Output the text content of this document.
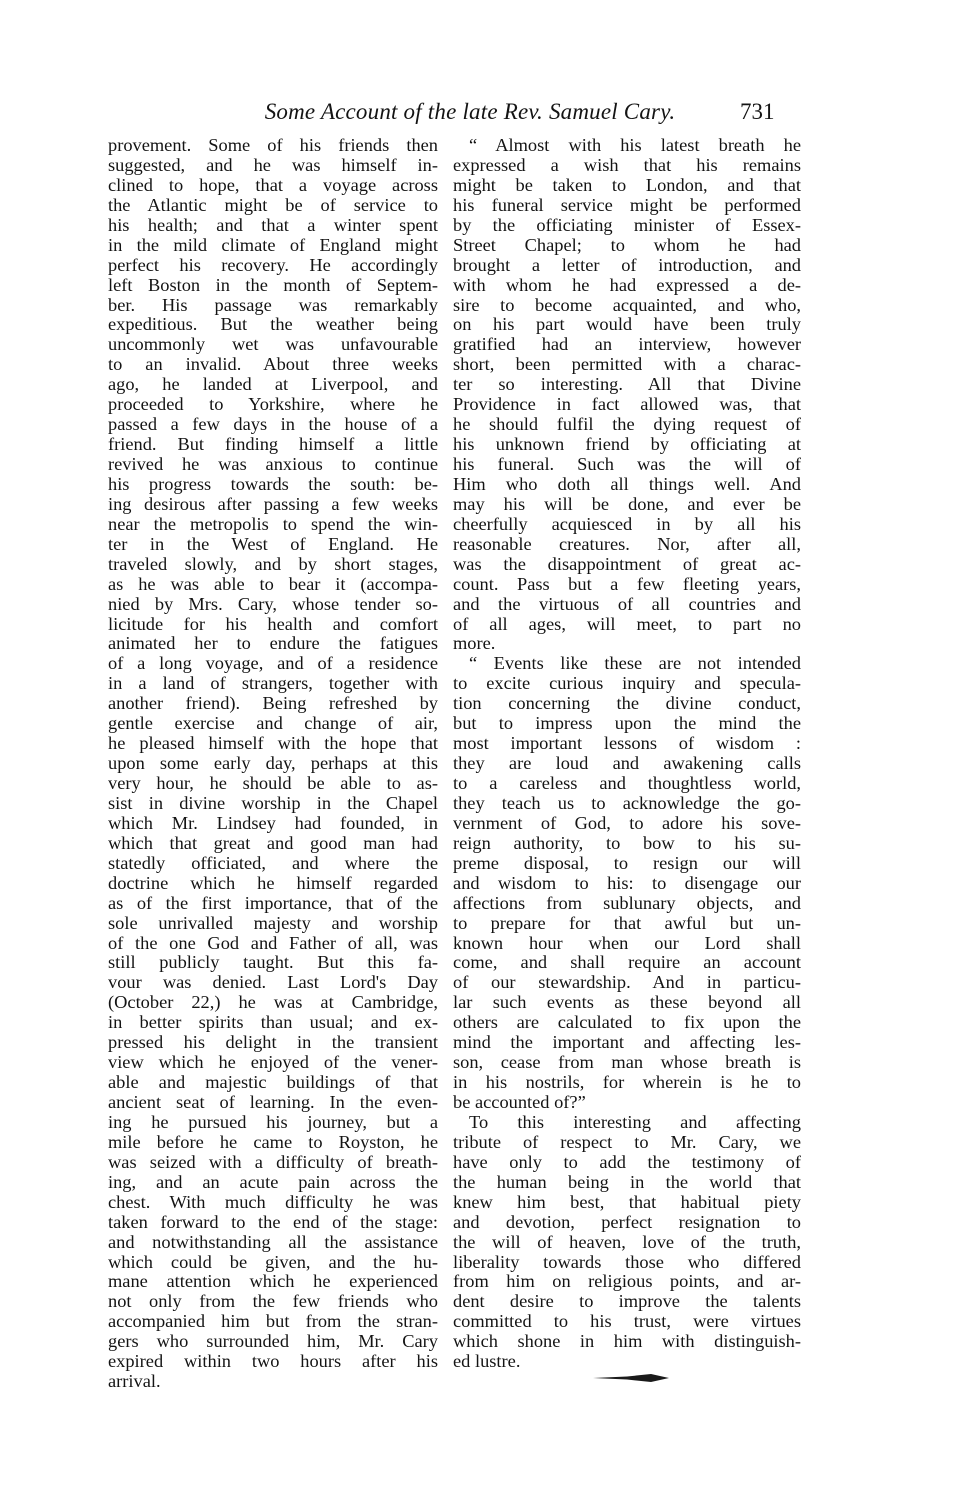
Some Account of the late Rev. Samuel Cary.	731
provement. Some of his friends then
suggested, and he was himself in-
clined to hope, that a voyage across
the Atlantic might be of service to
his health; and that a winter spent
in the mild climate of England might
perfect his recovery. He accordingly
left Boston in the month of Septem-
ber. His passage was remarkably
expeditious. But the weather being
uncommonly wet was unfavourable
to an invalid. About three weeks
ago, he landed at Liverpool, and
proceeded to Yorkshire, where he
passed a few days in the house of a
friend. But finding himself a little
revived he was anxious to continue
his progress towards the south: be-
ing desirous after passing a few weeks
near the metropolis to spend the win-
ter in the West of England. He
traveled slowly, and by short stages,
as he was able to bear it (accompa-
nied by Mrs. Cary, whose tender so-
licitude for his health and comfort
animated her to endure the fatigues
of a long voyage, and of a residence
in a land of strangers, together with
another friend). Being refreshed by
gentle exercise and change of air,
he pleased himself with the hope that
upon some early day, perhaps at this
very hour, he should be able to as-
sist in divine worship in the Chapel
which Mr. Lindsey had founded, in
which that great and good man had
statedly officiated, and where the
doctrine which he himself regarded
as of the first importance, that of the
sole unrivalled majesty and worship
of the one God and Father of all, was
still publicly taught. But this fa-
vour was denied. Last Lord's Day
(October 22,) he was at Cambridge,
in better spirits than usual; and ex-
pressed his delight in the transient
view which he enjoyed of the vener-
able and majestic buildings of that
ancient seat of learning. In the even-
ing he pursued his journey, but a
mile before he came to Royston, he
was seized with a difficulty of breath-
ing, and an acute pain across the
chest. With much difficulty he was
taken forward to the end of the stage:
and notwithstanding all the assistance
which could be given, and the hu-
mane attention which he experienced
not only from the few friends who
accompanied him but from the stran-
gers who surrounded him, Mr. Cary
expired within two hours after his
arrival.
“ Almost with his latest breath he
expressed a wish that his remains
might be taken to London, and that
his funeral service might be performed
by the officiating minister of Essex-
Street Chapel; to whom he had
brought a letter of introduction, and
with whom he had expressed a de-
sire to become acquainted, and who,
on his part would have been truly
gratified had an interview, however
short, been permitted with a charac-
ter so interesting. All that Divine
Providence in fact allowed was, that
he should fulfil the dying request of
his unknown friend by officiating at
his funeral. Such was the will of
Him who doth all things well. And
may his will be done, and ever be
cheerfully acquiesced in by all his
reasonable creatures. Nor, after all,
was the disappointment of great ac-
count. Pass but a few fleeting years,
and the virtuous of all countries and
of all ages, will meet, to part no
more.
“ Events like these are not intended
to excite curious inquiry and specula-
tion concerning the divine conduct,
but to impress upon the mind the
most important lessons of wisdom :
they are loud and awakening calls
to a careless and thoughtless world,
they teach us to acknowledge the go-
vernment of God, to adore his sove-
reign authority, to bow to his su-
preme disposal, to resign our will
and wisdom to his: to disengage our
affections from sublunary objects, and
to prepare for that awful but un-
known hour when our Lord shall
come, and shall require an account
of our stewardship. And in particu-
lar such events as these beyond all
others are calculated to fix upon the
mind the important and affecting les-
son, cease from man whose breath is
in his nostrils, for wherein is he to
be accounted of?”
To this interesting and affecting
tribute of respect to Mr. Cary, we
have only to add the testimony of
the human being in the world that
knew him best, that habitual piety
and devotion, perfect resignation to
the will of heaven, love of the truth,
liberality towards those who differed
from him on religious points, and ar-
dent desire to improve the talents
committed to his trust, were virtues
which shone in him with distinguish-
ed lustre.
